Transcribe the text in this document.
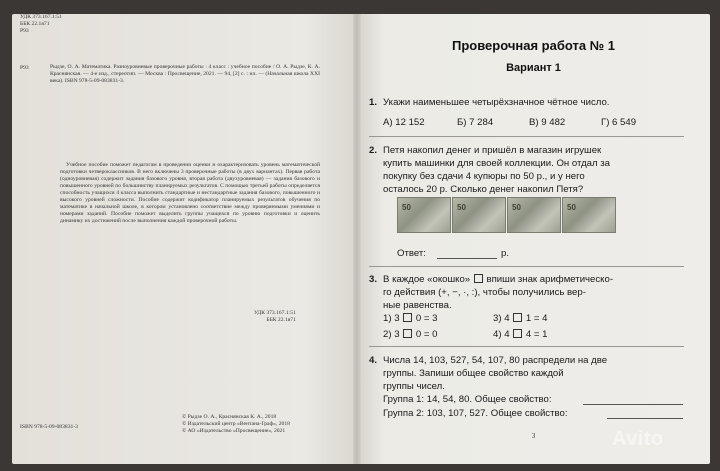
УДК 373.167.1:51
ББК 22.1я71
Р93
Р93	Рыдзе, О. А. Математика. Разноуровневые проверочные работы : 4 класс : учебное пособие / О. А. Рыдзе, К. А. Краснянская. — 4-е изд., стереотип. — Москва : Просвещение, 2021. — 94, [2] с. : ил. — (Начальная школа XXI века). ISBN 978-5-09-083831-3.
Учебное пособие поможет педагогам в проведении оценки и охарактеризовать уровень математической подготовки четвероклассников. В него включены 3 проверочные работы (в двух вариантах). Первая работа (одноуровневая) содержит задания базового уровня, вторая работа (двухуровневая) — задания базового и повышенного уровней по большинству планируемых результатов. С помощью третьей работы определяется способность учащихся 4 класса выполнить стандартные и нестандартные задания базового, повышенного и высокого уровней сложности. Пособие содержит кодификатор планируемых результатов обучения по математике в начальной школе, в котором установлено соответствие между проверяемыми умениями и номерами заданий. Пособие поможет выделить группы учащихся по уровню подготовки и оценить динамику их достижений после выполнения каждой проверочной работы.
УДК 373.167.1:51
ББК 22.1я71
ISBN 978-5-09-083831-3
© Рыдзе О. А., Краснянская К. А., 2018
© Издательский центр «Вентана-Граф», 2018
© АО «Издательство «Просвещение», 2021
Проверочная работа № 1
Вариант 1
1. Укажи наименьшее четырёхзначное чётное число.
А) 12 152	Б) 7 284	В) 9 482	Г) 6 549
2. Петя накопил денег и пришёл в магазин игрушек
купить машинки для своей коллекции. Он отдал за
покупку без сдачи 4 купюры по 50 р., и у него
осталось 20 р. Сколько денег накопил Петя?
50	50	50	50
Ответ:	р.
3. В каждое «окошко» впиши знак арифметическо-
го действия (+, −, ·, :), чтобы получились вер-
ные равенства.
1) 3 0 = 3	3) 4 1 = 4
2) 3 0 = 0	4) 4 4 = 1
4. Числа 14, 103, 527, 54, 107, 80 распредели на две
группы. Запиши общее свойство каждой
группы чисел.
Группа 1: 14, 54, 80. Общее свойство:
Группа 2: 103, 107, 527. Общее свойство:
3	Avito
